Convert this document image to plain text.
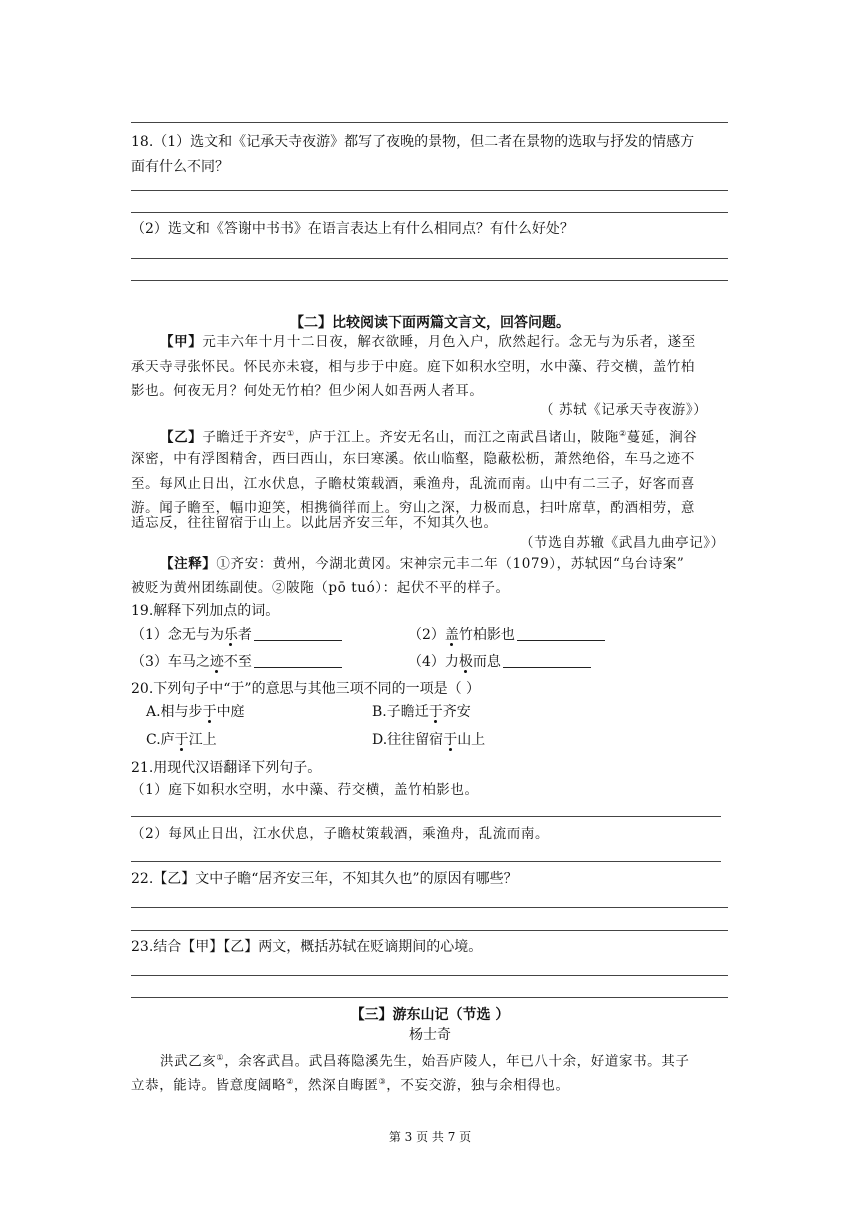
18.（1）选文和《记承天寺夜游》都写了夜晚的景物，但二者在景物的选取与抒发的情感方
面有什么不同？
（2）选文和《答谢中书书》在语言表达上有什么相同点？有什么好处？
【二】比较阅读下面两篇文言文，回答问题。
【甲】元丰六年十月十二日夜，解衣欲睡，月色入户，欣然起行。念无与为乐者，遂至
承天寺寻张怀民。怀民亦未寝，相与步于中庭。庭下如积水空明，水中藻、荇交横，盖竹柏
影也。何夜无月？何处无竹柏？但少闲人如吾两人者耳。
（ 苏轼《记承天寺夜游》）
【乙】子瞻迁于齐安①，庐于江上。齐安无名山，而江之南武昌诸山，陂陁②蔓延，涧谷
深密，中有浮图精舍，西曰西山，东曰寒溪。依山临壑，隐蔽松枥，萧然绝俗，车马之迹不
至。每风止日出，江水伏息，子瞻杖策载酒，乘渔舟，乱流而南。山中有二三子，好客而喜
游。闻子瞻至，幅巾迎笑，相携徜徉而上。穷山之深，力极而息，扫叶席草，酌酒相劳，意
适忘反，往往留宿于山上。以此居齐安三年，不知其久也。
（节选自苏辙《武昌九曲亭记》）
【注释】①齐安：黄州，今湖北黄冈。宋神宗元丰二年（1079），苏轼因“乌台诗案”
被贬为黄州团练副使。②陂陁（pō tuó）：起伏不平的样子。
19.解释下列加点的词。
（1）念无与为乐者	（2）盖竹柏影也
（3）车马之迹不至	（4）力极而息
20.下列句子中“于”的意思与其他三项不同的一项是（ ）
A.相与步于中庭	B.子瞻迁于齐安
C.庐于江上	D.往往留宿于山上
21.用现代汉语翻译下列句子。
（1）庭下如积水空明，水中藻、荇交横，盖竹柏影也。
（2）每风止日出，江水伏息，子瞻杖策载酒，乘渔舟，乱流而南。
22.【乙】文中子瞻“居齐安三年，不知其久也”的原因有哪些？
23.结合【甲】【乙】两文，概括苏轼在贬谪期间的心境。
【三】游东山记（节选 ）
杨士奇
洪武乙亥①，余客武昌。武昌蒋隐溪先生，始吾庐陵人，年已八十余，好道家书。其子
立恭，能诗。皆意度阔略②，然深自晦匿③，不妄交游，独与余相得也。
第 3 页 共 7 页
